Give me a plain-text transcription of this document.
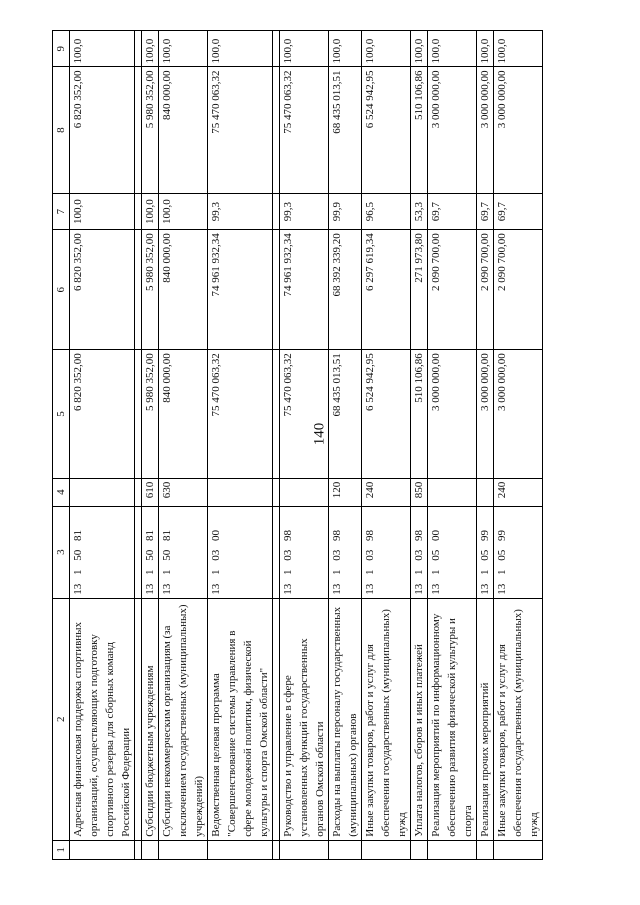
140
1	2	3	4	5	6	7	8	9
	Адресная финансовая поддержка спортивных организаций, осуществляющих подготовку спортивного резерва для сборных команд Российской Федерации	13 1 50 81		6 820 352,00	6 820 352,00	100,0	6 820 352,00	100,0

	Субсидии бюджетным учреждениям	13 1 50 81	610	5 980 352,00	5 980 352,00	100,0	5 980 352,00	100,0
	Субсидии некоммерческим организациям (за исключением государственных (муниципальных) учреждений)	13 1 50 81	630	840 000,00	840 000,00	100,0	840 000,00	100,0
	Ведомственная целевая программа "Совершенствование системы управления в сфере молодежной политики, физической культуры и спорта Омской области"	13 1 03 00		75 470 063,32	74 961 932,34	99,3	75 470 063,32	100,0

	Руководство и управление в сфере установленных функций государственных органов Омской области	13 1 03 98		75 470 063,32	74 961 932,34	99,3	75 470 063,32	100,0
	Расходы на выплаты персоналу государственных (муниципальных) органов	13 1 03 98	120	68 435 013,51	68 392 339,20	99,9	68 435 013,51	100,0
	Иные закупки товаров, работ и услуг для обеспечения государственных (муниципальных) нужд	13 1 03 98	240	6 524 942,95	6 297 619,34	96,5	6 524 942,95	100,0
	Уплата налогов, сборов и иных платежей	13 1 03 98	850	510 106,86	271 973,80	53,3	510 106,86	100,0
	Реализация мероприятий по информационному обеспечению развития физической культуры и спорта	13 1 05 00		3 000 000,00	2 090 700,00	69,7	3 000 000,00	100,0
	Реализация прочих мероприятий	13 1 05 99		3 000 000,00	2 090 700,00	69,7	3 000 000,00	100,0
	Иные закупки товаров, работ и услуг для обеспечения государственных (муниципальных) нужд	13 1 05 99	240	3 000 000,00	2 090 700,00	69,7	3 000 000,00	100,0
